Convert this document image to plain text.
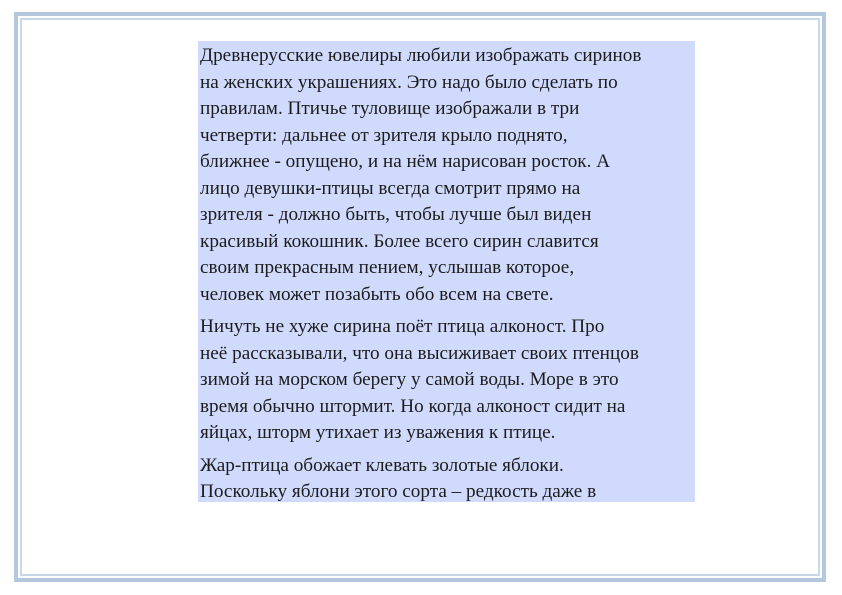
Древнерусские ювелиры любили изображать сиринов
на женских украшениях. Это надо было сделать по
правилам. Птичье туловище изображали в три
четверти: дальнее от зрителя крыло поднято,
ближнее - опущено, и на нём нарисован росток. А
лицо девушки-птицы всегда смотрит прямо на
зрителя - должно быть, чтобы лучше был виден
красивый кокошник. Более всего сирин славится
своим прекрасным пением, услышав которое,
человек может позабыть обо всем на свете.

Ничуть не хуже сирина поёт птица алконост. Про
неё рассказывали, что она высиживает своих птенцов
зимой на морском берегу у самой воды. Море в это
время обычно штормит. Но когда алконост сидит на
яйцах, шторм утихает из уважения к птице.

Жар-птица обожает клевать золотые яблоки.
Поскольку яблони этого сорта – редкость даже в
